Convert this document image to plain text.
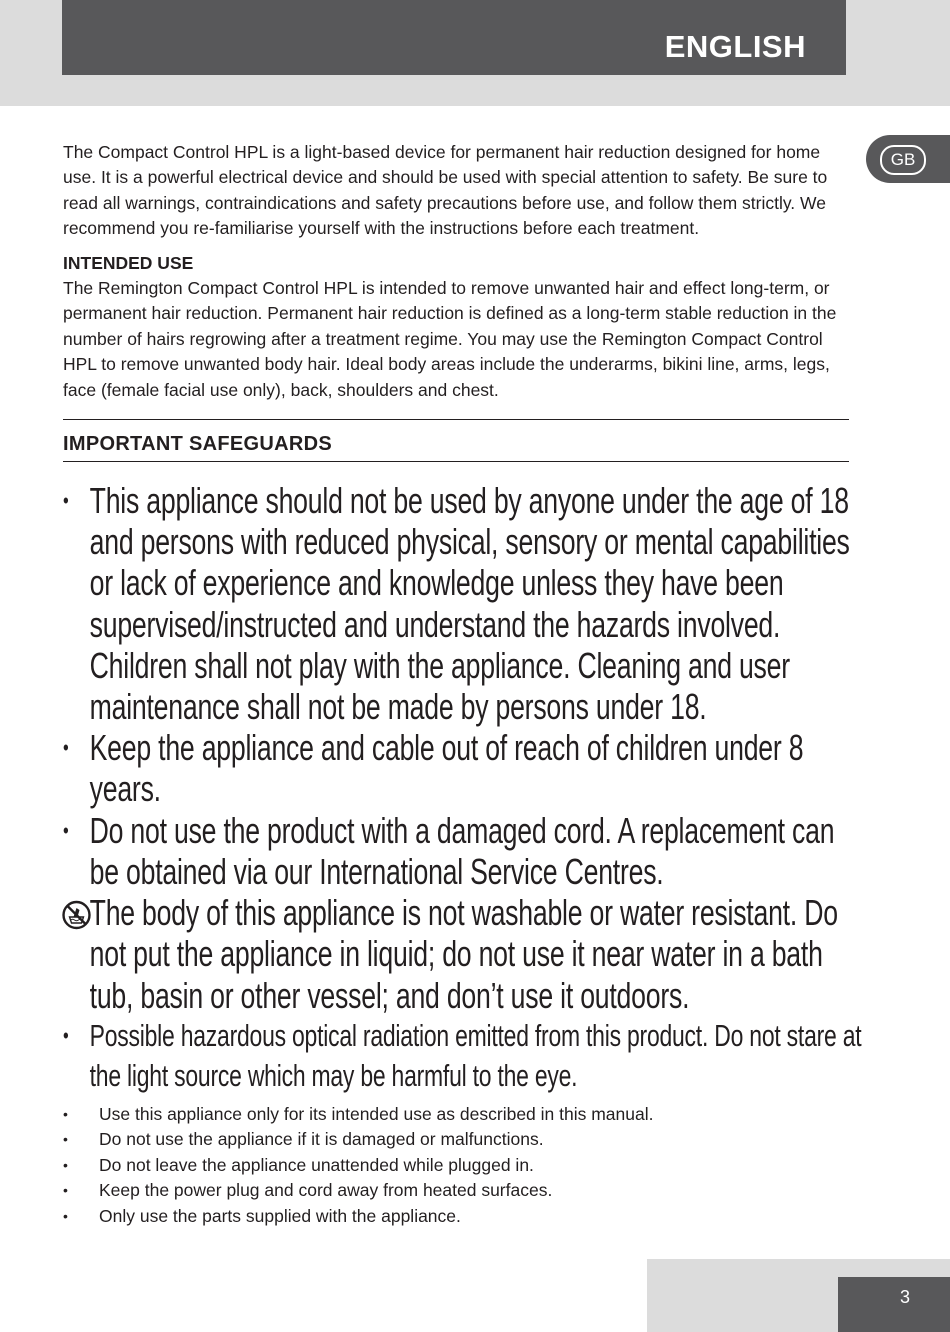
ENGLISH
GB

The Compact Control HPL is a light-based device for permanent hair reduction designed for home use. It is a powerful electrical device and should be used with special attention to safety. Be sure to read all warnings, contraindications and safety precautions before use, and follow them strictly. We recommend you re-familiarise yourself with the instructions before each treatment.

INTENDED USE

The Remington Compact Control HPL is intended to remove unwanted hair and effect long-term, or permanent hair reduction. Permanent hair reduction is defined as a long-term stable reduction in the number of hairs regrowing after a treatment regime. You may use the Remington Compact Control HPL to remove unwanted body hair. Ideal body areas include the underarms, bikini line, arms, legs, face (female facial use only), back, shoulders and chest.

IMPORTANT SAFEGUARDS
• This appliance should not be used by anyone under the age of 18 and persons with reduced physical, sensory or mental capabilities or lack of experience and knowledge unless they have been supervised/instructed and understand the hazards involved. Children shall not play with the appliance. Cleaning and user maintenance shall not be made by persons under 18.
• Keep the appliance and cable out of reach of children under 8 years.
• Do not use the product with a damaged cord. A replacement can be obtained via our International Service Centres.
The body of this appliance is not washable or water resistant. Do not put the appliance in liquid; do not use it near water in a bath tub, basin or other vessel; and don’t use it outdoors.
• Possible hazardous optical radiation emitted from this product. Do not stare at the light source which may be harmful to the eye.
• Use this appliance only for its intended use as described in this manual.
• Do not use the appliance if it is damaged or malfunctions.
• Do not leave the appliance unattended while plugged in.
• Keep the power plug and cord away from heated surfaces.
• Only use the parts supplied with the appliance.
3
